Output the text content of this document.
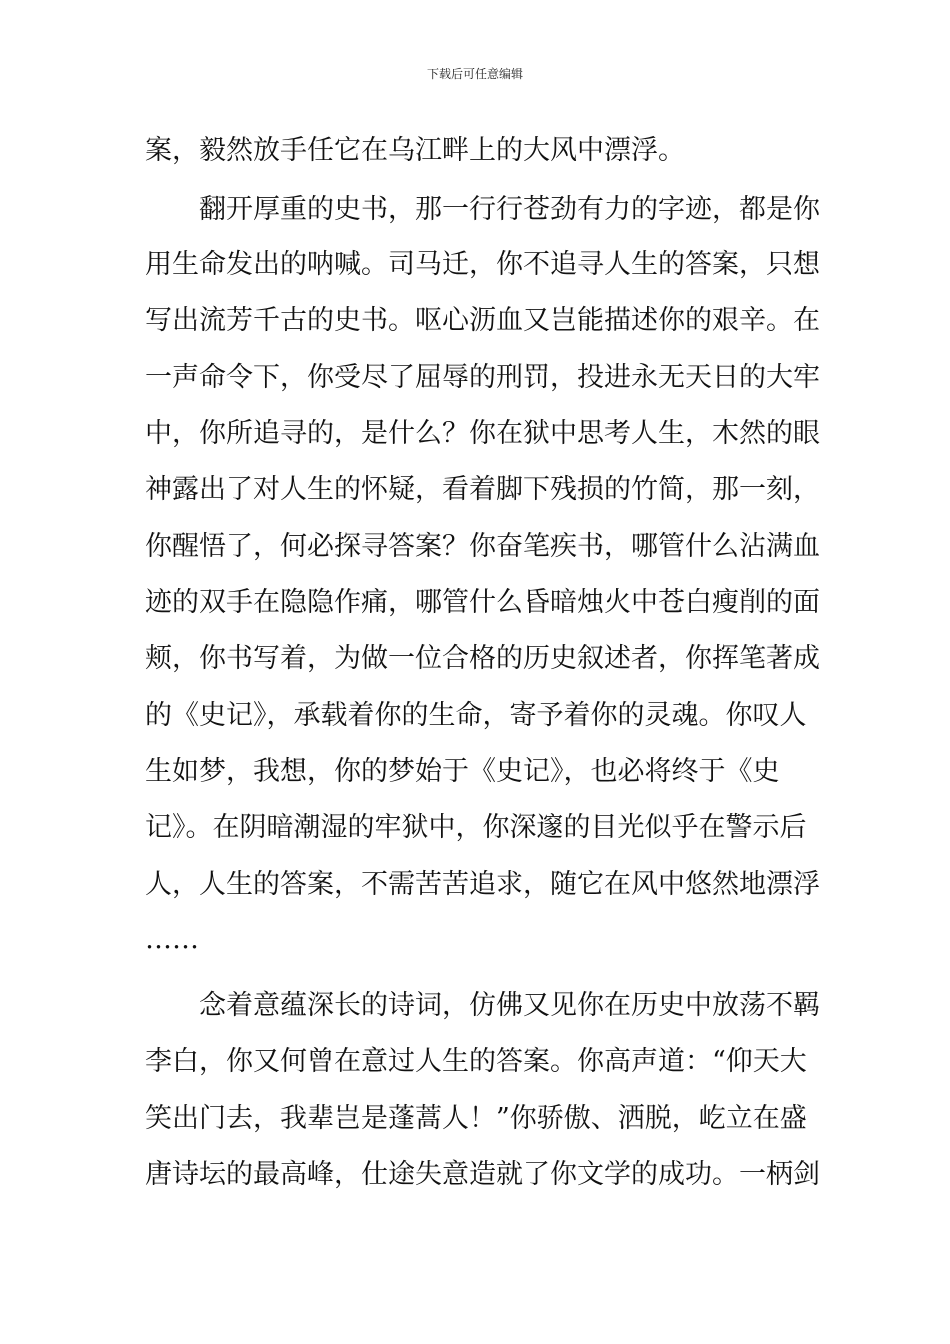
下载后可任意编辑
案，毅然放手任它在乌江畔上的大风中漂浮。
翻开厚重的史书，那一行行苍劲有力的字迹，都是你
用生命发出的呐喊。司马迁，你不追寻人生的答案，只想
写出流芳千古的史书。呕心沥血又岂能描述你的艰辛。在
一声命令下，你受尽了屈辱的刑罚，投进永无天日的大牢
中，你所追寻的，是什么？你在狱中思考人生，木然的眼
神露出了对人生的怀疑，看着脚下残损的竹简，那一刻，
你醒悟了，何必探寻答案？你奋笔疾书，哪管什么沾满血
迹的双手在隐隐作痛，哪管什么昏暗烛火中苍白瘦削的面
颊，你书写着，为做一位合格的历史叙述者，你挥笔著成
的《史记》，承载着你的生命，寄予着你的灵魂。你叹人
生如梦，我想，你的梦始于《史记》，也必将终于《史
记》。在阴暗潮湿的牢狱中，你深邃的目光似乎在警示后
人，人生的答案，不需苦苦追求，随它在风中悠然地漂浮
……
念着意蕴深长的诗词，仿佛又见你在历史中放荡不羁
李白，你又何曾在意过人生的答案。你高声道：“仰天大
笑出门去，我辈岂是蓬蒿人！”你骄傲、洒脱，屹立在盛
唐诗坛的最高峰，仕途失意造就了你文学的成功。一柄剑
